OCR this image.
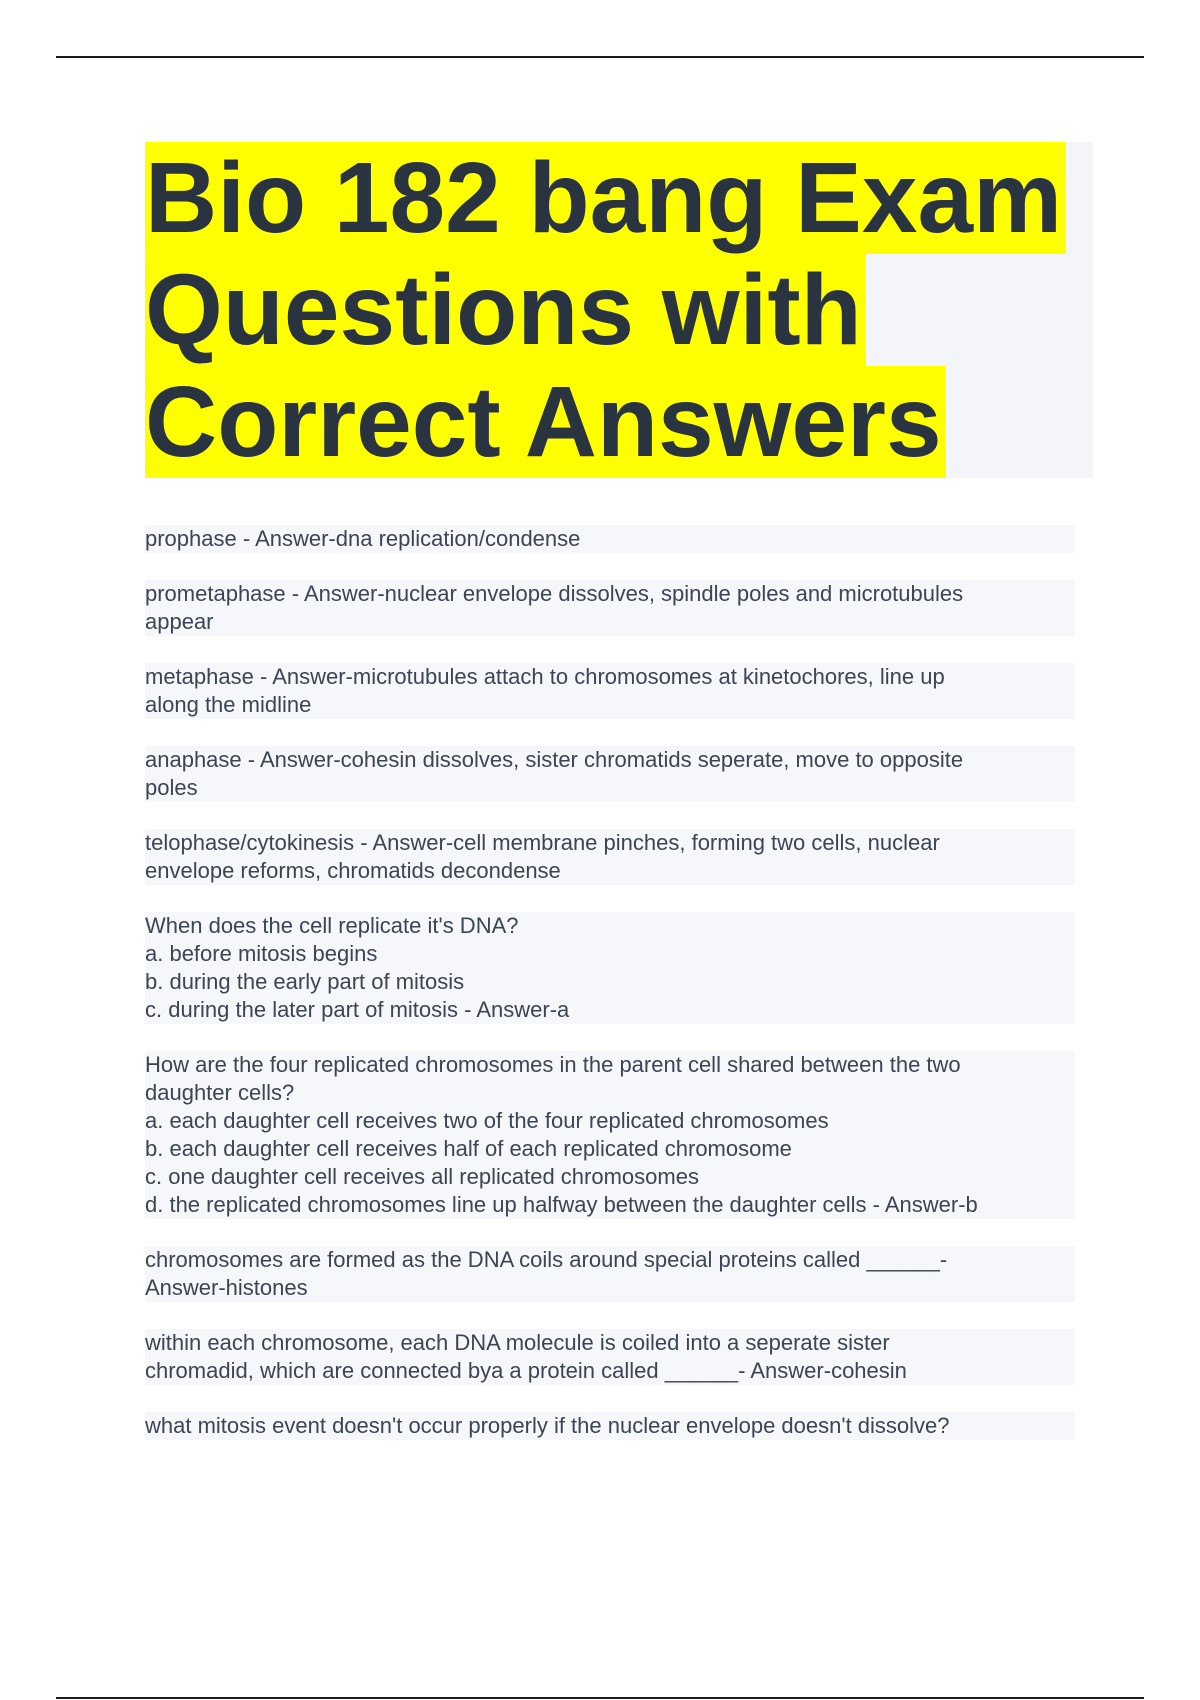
Bio 182 bang Exam
Questions with
Correct Answers
prophase - Answer-dna replication/condense
prometaphase - Answer-nuclear envelope dissolves, spindle poles and microtubules
appear
metaphase - Answer-microtubules attach to chromosomes at kinetochores, line up
along the midline
anaphase - Answer-cohesin dissolves, sister chromatids seperate, move to opposite
poles
telophase/cytokinesis - Answer-cell membrane pinches, forming two cells, nuclear
envelope reforms, chromatids decondense
When does the cell replicate it's DNA?
a. before mitosis begins
b. during the early part of mitosis
c. during the later part of mitosis - Answer-a
How are the four replicated chromosomes in the parent cell shared between the two
daughter cells?
a. each daughter cell receives two of the four replicated chromosomes
b. each daughter cell receives half of each replicated chromosome
c. one daughter cell receives all replicated chromosomes
d. the replicated chromosomes line up halfway between the daughter cells - Answer-b
chromosomes are formed as the DNA coils around special proteins called ______-
Answer-histones
within each chromosome, each DNA molecule is coiled into a seperate sister
chromadid, which are connected bya a protein called ______- Answer-cohesin
what mitosis event doesn't occur properly if the nuclear envelope doesn't dissolve?
